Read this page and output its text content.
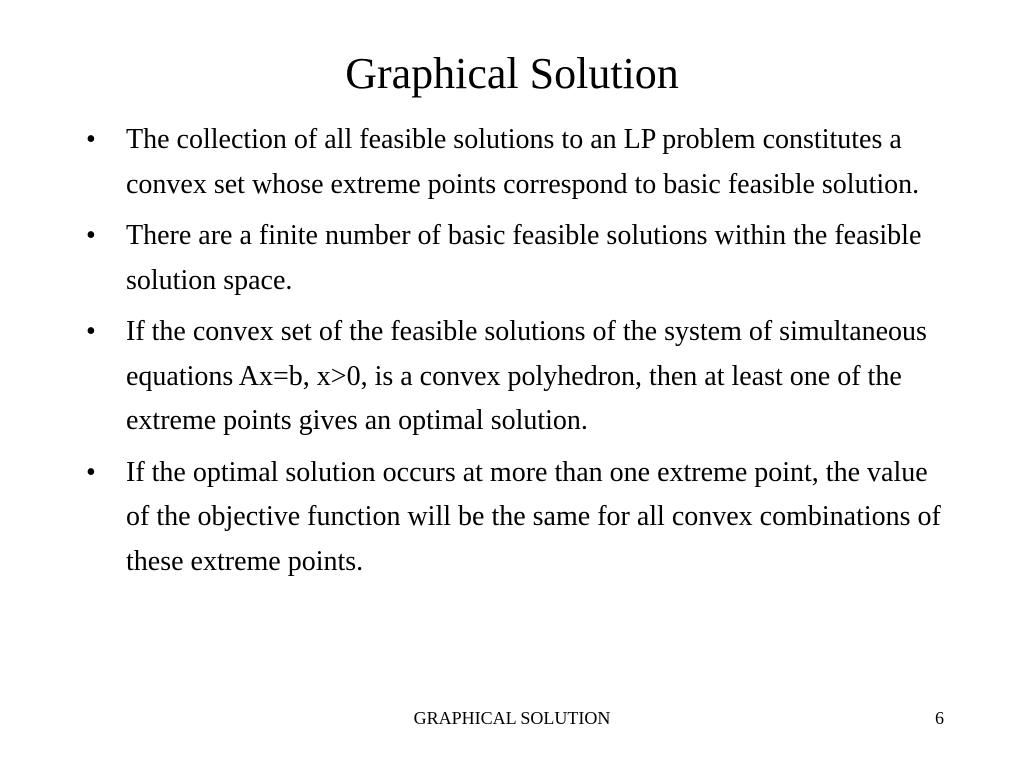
Graphical Solution
•	The collection of all feasible solutions to an LP problem constitutes a convex set whose extreme points correspond to basic feasible solution.
•	There are a finite number of basic feasible solutions within the feasible solution space.
•	If the convex set of the feasible solutions of the system of simultaneous equations Ax=b, x>0, is a convex polyhedron, then at least one of the extreme points gives an optimal solution.
•	If the optimal solution occurs at more than one extreme point, the value of the objective function will be the same for all convex combinations of these extreme points.
GRAPHICAL SOLUTION	6
